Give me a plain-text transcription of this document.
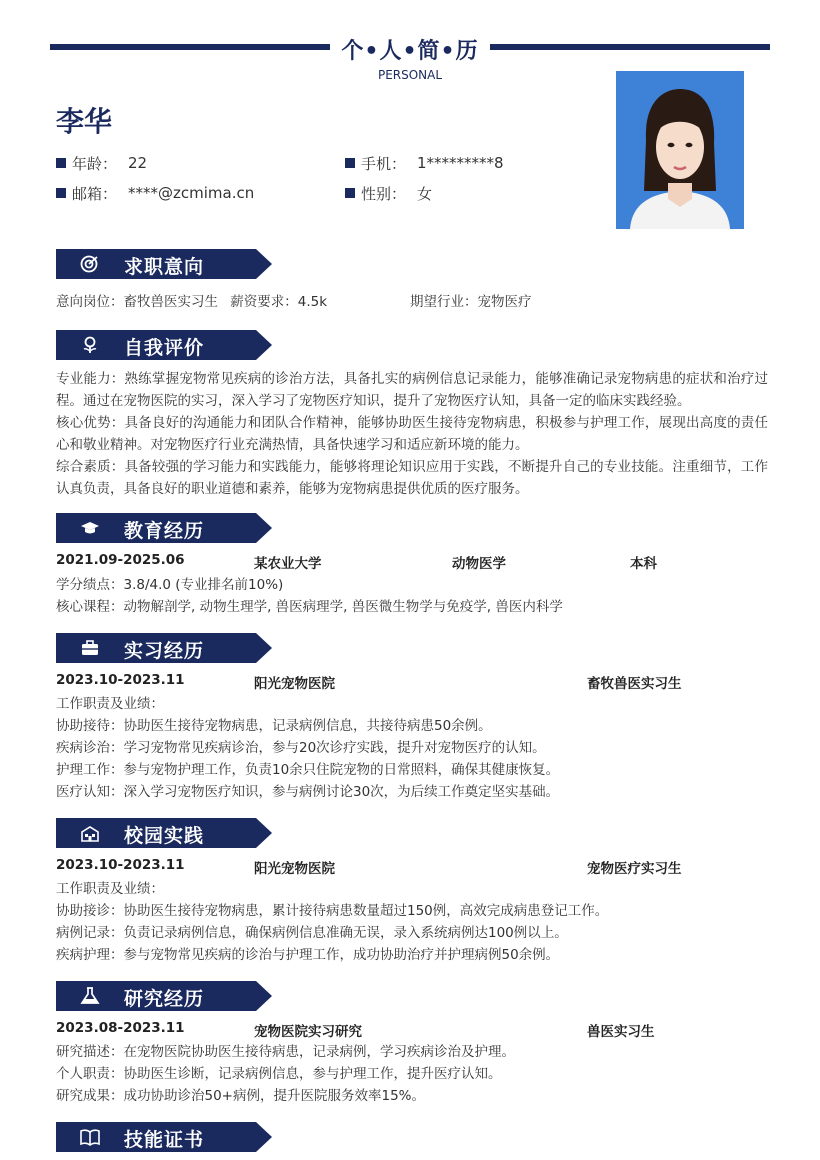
个•人•简•历
PERSONAL
李华
年龄： 22	手机： 1*********8
邮箱： ****@zcmima.cn	性别： 女
求职意向
意向岗位：畜牧兽医实习生 薪资要求：4.5k	期望行业：宠物医疗
自我评价
专业能力：熟练掌握宠物常见疾病的诊治方法，具备扎实的病例信息记录能力，能够准确记录宠物病患的症状和治疗过程。通过在宠物医院的实习，深入学习了宠物医疗知识，提升了宠物医疗认知，具备一定的临床实践经验。
核心优势：具备良好的沟通能力和团队合作精神，能够协助医生接待宠物病患，积极参与护理工作，展现出高度的责任心和敬业精神。对宠物医疗行业充满热情，具备快速学习和适应新环境的能力。
综合素质：具备较强的学习能力和实践能力，能够将理论知识应用于实践，不断提升自己的专业技能。注重细节，工作认真负责，具备良好的职业道德和素养，能够为宠物病患提供优质的医疗服务。
教育经历
2021.09-2025.06	某农业大学	动物医学	本科
学分绩点：3.8/4.0 (专业排名前10%)
核心课程：动物解剖学, 动物生理学, 兽医病理学, 兽医微生物学与免疫学, 兽医内科学
实习经历
2023.10-2023.11	阳光宠物医院	畜牧兽医实习生
工作职责及业绩：
协助接待：协助医生接待宠物病患，记录病例信息，共接待病患50余例。
疾病诊治：学习宠物常见疾病诊治，参与20次诊疗实践，提升对宠物医疗的认知。
护理工作：参与宠物护理工作，负责10余只住院宠物的日常照料，确保其健康恢复。
医疗认知：深入学习宠物医疗知识，参与病例讨论30次，为后续工作奠定坚实基础。
校园实践
2023.10-2023.11	阳光宠物医院	宠物医疗实习生
工作职责及业绩：
协助接诊：协助医生接待宠物病患，累计接待病患数量超过150例，高效完成病患登记工作。
病例记录：负责记录病例信息，确保病例信息准确无误，录入系统病例达100例以上。
疾病护理：参与宠物常见疾病的诊治与护理工作，成功协助治疗并护理病例50余例。
研究经历
2023.08-2023.11	宠物医院实习研究	兽医实习生
研究描述：在宠物医院协助医生接待病患，记录病例，学习疾病诊治及护理。
个人职责：协助医生诊断，记录病例信息，参与护理工作，提升医疗认知。
研究成果：成功协助诊治50+病例，提升医院服务效率15%。
技能证书
